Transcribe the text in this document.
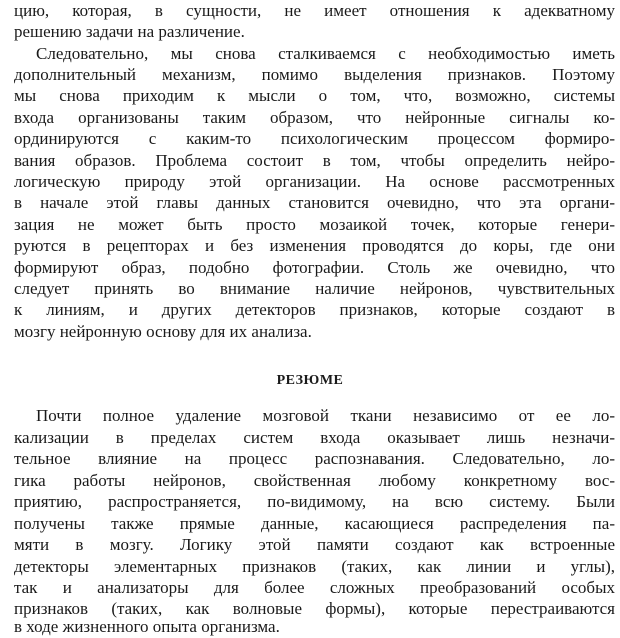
цию, которая, в сущности, не имеет отношения к адекватному
решению задачи на различение.
Следовательно, мы снова сталкиваемся с необходимостью иметь
дополнительный механизм, помимо выделения признаков. Поэтому
мы снова приходим к мысли о том, что, возможно, системы
входа организованы таким образом, что нейронные сигналы ко-
ординируются с каким-то психологическим процессом формиро-
вания образов. Проблема состоит в том, чтобы определить нейро-
логическую природу этой организации. На основе рассмотренных
в начале этой главы данных становится очевидно, что эта органи-
зация не может быть просто мозаикой точек, которые генери-
руются в рецепторах и без изменения проводятся до коры, где они
формируют образ, подобно фотографии. Столь же очевидно, что
следует принять во внимание наличие нейронов, чувствительных
к линиям, и других детекторов признаков, которые создают в
мозгу нейронную основу для их анализа.
РЕЗЮМЕ
Почти полное удаление мозговой ткани независимо от ее ло-
кализации в пределах систем входа оказывает лишь незначи-
тельное влияние на процесс распознавания. Следовательно, ло-
гика работы нейронов, свойственная любому конкретному вос-
приятию, распространяется, по-видимому, на всю систему. Были
получены также прямые данные, касающиеся распределения па-
мяти в мозгу. Логику этой памяти создают как встроенные
детекторы элементарных признаков (таких, как линии и углы),
так и анализаторы для более сложных преобразований особых
признаков (таких, как волновые формы), которые перестраиваются
в ходе жизненного опыта организма.
